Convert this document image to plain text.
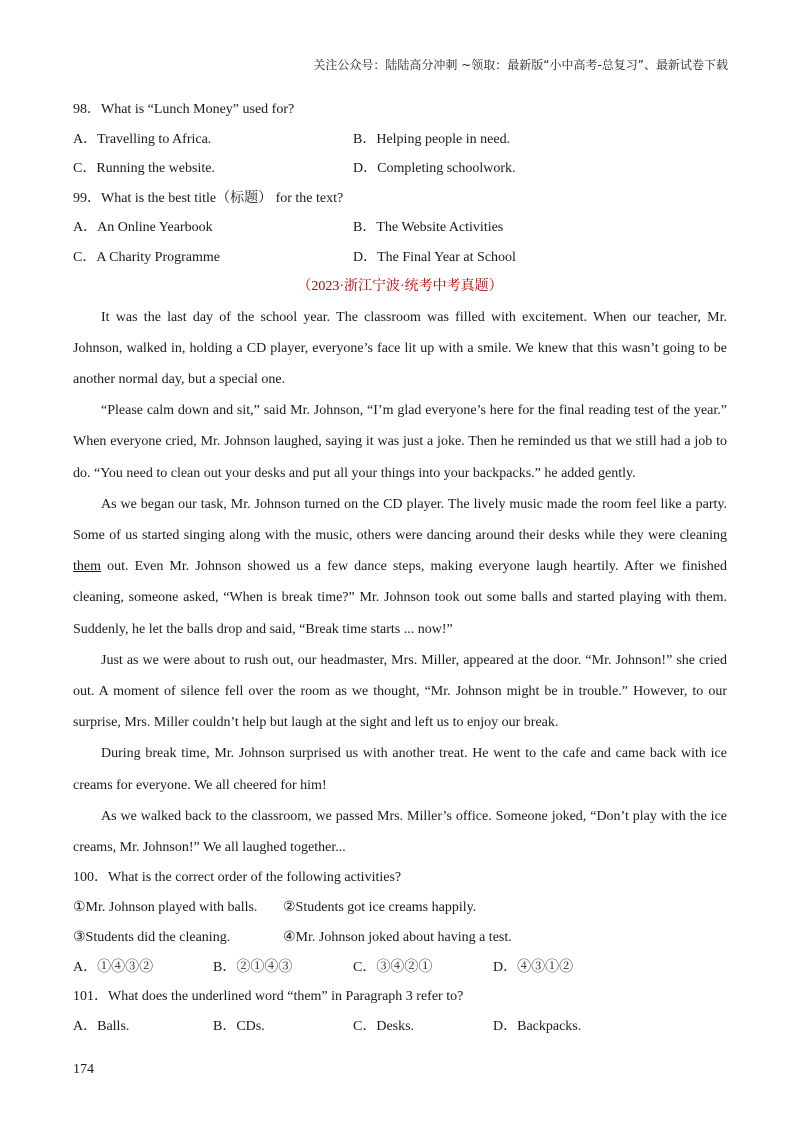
关注公众号：陆陆高分冲刺 ~领取：最新版“小中高考-总复习”、最新试卷下载
98．What is “Lunch Money” used for?
A．Travelling to Africa.	B．Helping people in need.
C．Running the website.	D．Completing schoolwork.
99．What is the best title（标题） for the text?
A．An Online Yearbook	B．The Website Activities
C．A Charity Programme	D．The Final Year at School
（2023·浙江宁波·统考中考真题）

It was the last day of the school year. The classroom was filled with excitement. When our teacher, Mr. Johnson, walked in, holding a CD player, everyone’s face lit up with a smile. We knew that this wasn’t going to be another normal day, but a special one.

“Please calm down and sit,” said Mr. Johnson, “I’m glad everyone’s here for the final reading test of the year.” When everyone cried, Mr. Johnson laughed, saying it was just a joke. Then he reminded us that we still had a job to do. “You need to clean out your desks and put all your things into your backpacks.” he added gently.

As we began our task, Mr. Johnson turned on the CD player. The lively music made the room feel like a party. Some of us started singing along with the music, others were dancing around their desks while they were cleaning them out. Even Mr. Johnson showed us a few dance steps, making everyone laugh heartily. After we finished cleaning, someone asked, “When is break time?” Mr. Johnson took out some balls and started playing with them. Suddenly, he let the balls drop and said, “Break time starts ... now!”

Just as we were about to rush out, our headmaster, Mrs. Miller, appeared at the door. “Mr. Johnson!” she cried out. A moment of silence fell over the room as we thought, “Mr. Johnson might be in trouble.” However, to our surprise, Mrs. Miller couldn’t help but laugh at the sight and left us to enjoy our break.

During break time, Mr. Johnson surprised us with another treat. He went to the cafe and came back with ice creams for everyone. We all cheered for him!

As we walked back to the classroom, we passed Mrs. Miller’s office. Someone joked, “Don’t play with the ice creams, Mr. Johnson!” We all laughed together...

100．What is the correct order of the following activities?
①Mr. Johnson played with balls.	②Students got ice creams happily.
③Students did the cleaning.	④Mr. Johnson joked about having a test.
A．①④③②	B．②①④③	C．③④②①	D．④③①②
101．What does the underlined word “them” in Paragraph 3 refer to?
A．Balls.	B．CDs.	C．Desks.	D．Backpacks.
174
